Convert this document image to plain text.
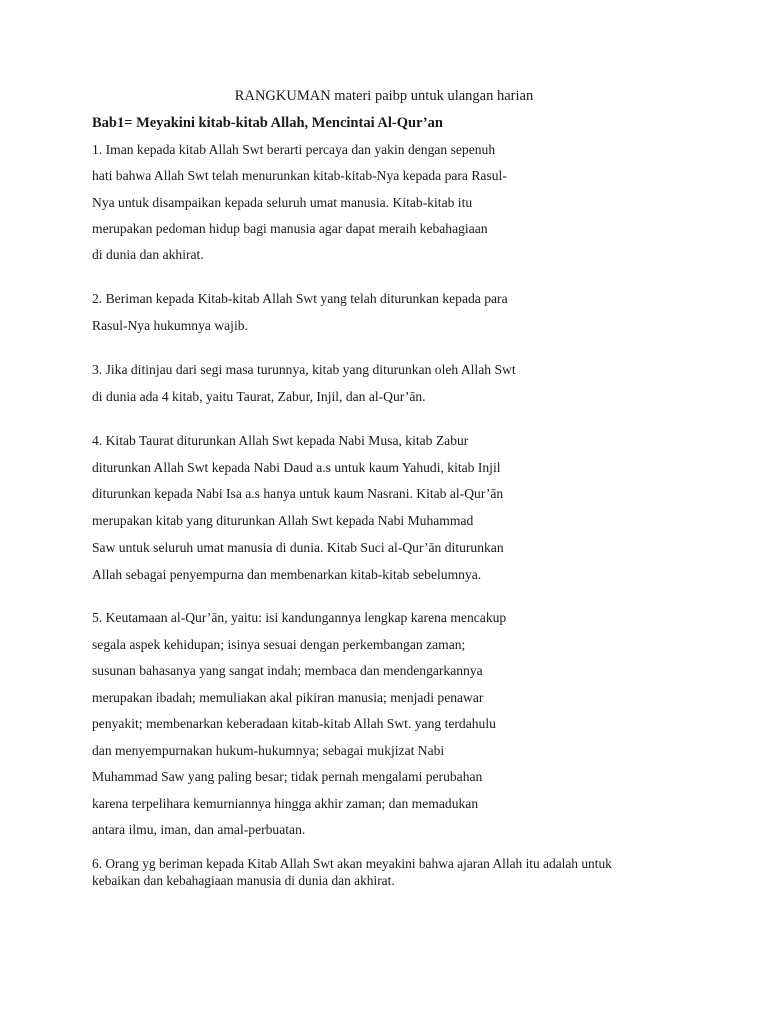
RANGKUMAN materi paibp untuk ulangan harian
Bab1= Meyakini kitab-kitab Allah, Mencintai Al-Qur’an
1. Iman kepada kitab Allah Swt berarti percaya dan yakin dengan sepenuh
hati bahwa Allah Swt telah menurunkan kitab-kitab-Nya kepada para Rasul-
Nya untuk disampaikan kepada seluruh umat manusia. Kitab-kitab itu
merupakan pedoman hidup bagi manusia agar dapat meraih kebahagiaan
di dunia dan akhirat.
2. Beriman kepada Kitab-kitab Allah Swt yang telah diturunkan kepada para
Rasul-Nya hukumnya wajib.
3. Jika ditinjau dari segi masa turunnya, kitab yang diturunkan oleh Allah Swt
di dunia ada 4 kitab, yaitu Taurat, Zabur, Injil, dan al-Qur’ān.
4. Kitab Taurat diturunkan Allah Swt kepada Nabi Musa, kitab Zabur
diturunkan Allah Swt kepada Nabi Daud a.s untuk kaum Yahudi, kitab Injil
diturunkan kepada Nabi Isa a.s hanya untuk kaum Nasrani. Kitab al-Qur’ān
merupakan kitab yang diturunkan Allah Swt kepada Nabi Muhammad
Saw untuk seluruh umat manusia di dunia. Kitab Suci al-Qur’ān diturunkan
Allah sebagai penyempurna dan membenarkan kitab-kitab sebelumnya.
5. Keutamaan al-Qur’ān, yaitu: isi kandungannya lengkap karena mencakup
segala aspek kehidupan; isinya sesuai dengan perkembangan zaman;
susunan bahasanya yang sangat indah; membaca dan mendengarkannya
merupakan ibadah; memuliakan akal pikiran manusia; menjadi penawar
penyakit; membenarkan keberadaan kitab-kitab Allah Swt. yang terdahulu
dan menyempurnakan hukum-hukumnya; sebagai mukjizat Nabi
Muhammad Saw yang paling besar; tidak pernah mengalami perubahan
karena terpelihara kemurniannya hingga akhir zaman; dan memadukan
antara ilmu, iman, dan amal-perbuatan.
6. Orang yg beriman kepada Kitab Allah Swt akan meyakini bahwa ajaran Allah itu adalah untuk
kebaikan dan kebahagiaan manusia di dunia dan akhirat.
